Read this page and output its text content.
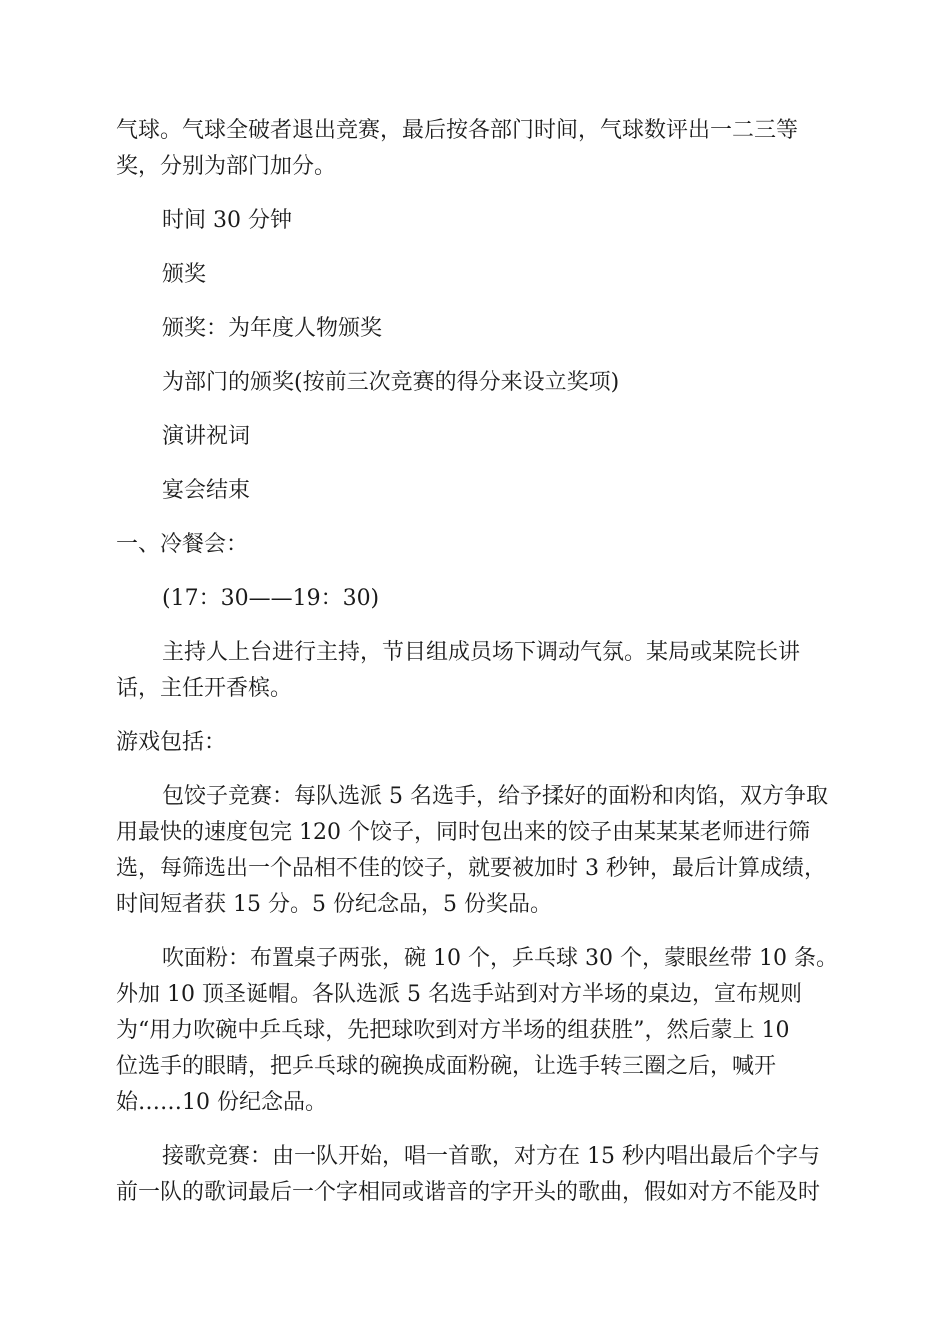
气球。气球全破者退出竞赛，最后按各部门时间，气球数评出一二三等
奖，分别为部门加分。

时间 30 分钟

颁奖

颁奖：为年度人物颁奖

为部门的颁奖(按前三次竞赛的得分来设立奖项)

演讲祝词

宴会结束

一、冷餐会：

(17：30——19：30)

主持人上台进行主持，节目组成员场下调动气氛。某局或某院长讲
话，主任开香槟。

游戏包括：

包饺子竞赛：每队选派 5 名选手，给予揉好的面粉和肉馅，双方争取
用最快的速度包完 120 个饺子，同时包出来的饺子由某某某老师进行筛
选，每筛选出一个品相不佳的饺子，就要被加时 3 秒钟，最后计算成绩，
时间短者获 15 分。5 份纪念品，5 份奖品。

吹面粉：布置桌子两张，碗 10 个，乒乓球 30 个，蒙眼丝带 10 条。
外加 10 顶圣诞帽。各队选派 5 名选手站到对方半场的桌边，宣布规则
为“用力吹碗中乒乓球，先把球吹到对方半场的组获胜”，然后蒙上 10
位选手的眼睛，把乒乓球的碗换成面粉碗，让选手转三圈之后，喊开
始……10 份纪念品。

接歌竞赛：由一队开始，唱一首歌，对方在 15 秒内唱出最后个字与
前一队的歌词最后一个字相同或谐音的字开头的歌曲，假如对方不能及时
